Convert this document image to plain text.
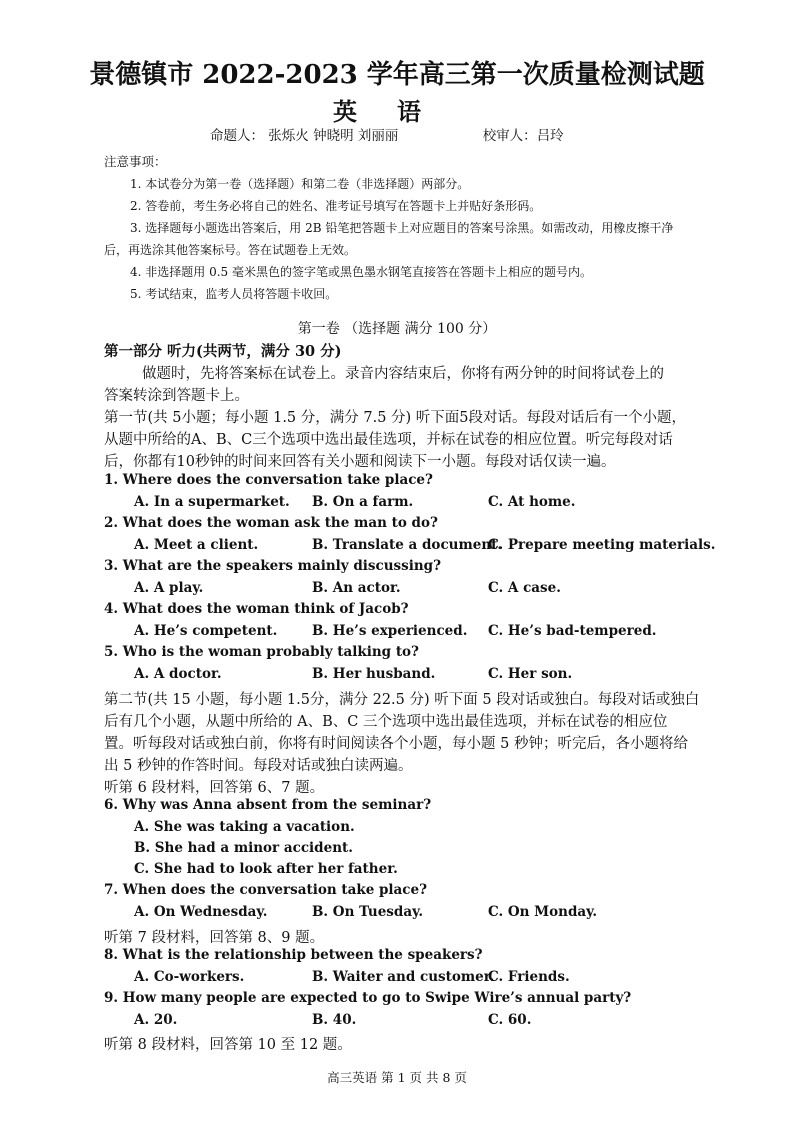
景德镇市 2022-2023 学年高三第一次质量检测试题
英语
命题人： 张烁火 钟晓明 刘丽丽	校审人：吕玲
注意事项：
1. 本试卷分为第一卷（选择题）和第二卷（非选择题）两部分。
2. 答卷前，考生务必将自己的姓名、准考证号填写在答题卡上并贴好条形码。
3. 选择题每小题选出答案后，用 2B 铅笔把答题卡上对应题目的答案号涂黑。如需改动，用橡皮擦干净
后，再选涂其他答案标号。答在试题卷上无效。
4. 非选择题用 0.5 毫米黑色的签字笔或黑色墨水钢笔直接答在答题卡上相应的题号内。
5. 考试结束，监考人员将答题卡收回。
第一卷 （选择题 满分 100 分）
第一部分 听力(共两节，满分 30 分)
做题时，先将答案标在试卷上。录音内容结束后，你将有两分钟的时间将试卷上的
答案转涂到答题卡上。
第一节(共 5小题；每小题 1.5 分，满分 7.5 分) 听下面5段对话。每段对话后有一个小题，
从题中所给的A、B、C三个选项中选出最佳选项，并标在试卷的相应位置。听完每段对话
后，你都有10秒钟的时间来回答有关小题和阅读下一小题。每段对话仅读一遍。
1. Where does the conversation take place?
A. In a supermarket. B. On a farm.	C. At home.
2. What does the woman ask the man to do?
A. Meet a client.	B. Translate a document.
C. Prepare meeting materials.
3. What are the speakers mainly discussing?
A. A play.	B. An actor.	C. A case.
4. What does the woman think of Jacob?
A. He’s competent.	B. He’s experienced. C. He’s bad-tempered.
5. Who is the woman probably talking to?
A. A doctor.	B. Her husband.	C. Her son.
第二节(共 15 小题，每小题 1.5分，满分 22.5 分) 听下面 5 段对话或独白。每段对话或独白
后有几个小题，从题中所给的 A、B、C 三个选项中选出最佳选项，并标在试卷的相应位
置。听每段对话或独白前，你将有时间阅读各个小题，每小题 5 秒钟；听完后，各小题将给
出 5 秒钟的作答时间。每段对话或独白读两遍。
听第 6 段材料，回答第 6、7 题。
6. Why was Anna absent from the seminar?
A. She was taking a vacation.
B. She had a minor accident.
C. She had to look after her father.
7. When does the conversation take place?
A. On Wednesday.	B. On Tuesday.	C. On Monday.
听第 7 段材料，回答第 8、9 题。
8. What is the relationship between the speakers?
A. Co-workers.	B. Waiter and customer.
C. Friends.
9. How many people are expected to go to Swipe Wire’s annual party?
A. 20.	B. 40.	C. 60.
听第 8 段材料，回答第 10 至 12 题。
高三英语 第 1 页 共 8 页
